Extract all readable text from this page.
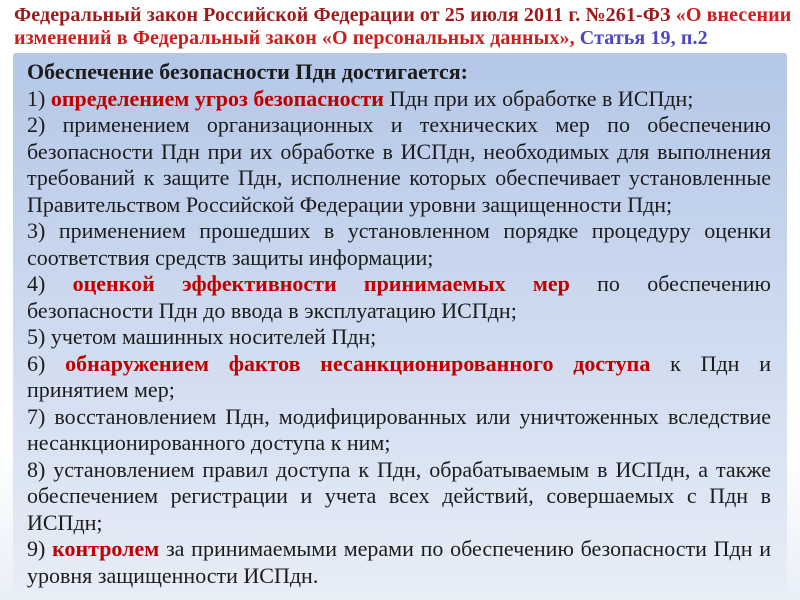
Федеральный закон Российской Федерации от 25 июля 2011 г. №261-ФЗ «О внесении изменений в Федеральный закон «О персональных данных», Статья 19, п.2

Обеспечение безопасности Пдн достигается:

1) определением угроз безопасности Пдн при их обработке в ИСПдн;

2) применением организационных и технических мер по обеспечению безопасности Пдн при их обработке в ИСПдн, необходимых для выполнения требований к защите Пдн, исполнение которых обеспечивает установленные Правительством Российской Федерации уровни защищенности Пдн;

3) применением прошедших в установленном порядке процедуру оценки соответствия средств защиты информации;

4) оценкой эффективности принимаемых мер по обеспечению безопасности Пдн до ввода в эксплуатацию ИСПдн;

5) учетом машинных носителей Пдн;

6) обнаружением фактов несанкционированного доступа к Пдн и принятием мер;

7) восстановлением Пдн, модифицированных или уничтоженных вследствие несанкционированного доступа к ним;

8) установлением правил доступа к Пдн, обрабатываемым в ИСПдн, а также обеспечением регистрации и учета всех действий, совершаемых с Пдн в ИСПдн;

9) контролем за принимаемыми мерами по обеспечению безопасности Пдн и уровня защищенности ИСПдн.
